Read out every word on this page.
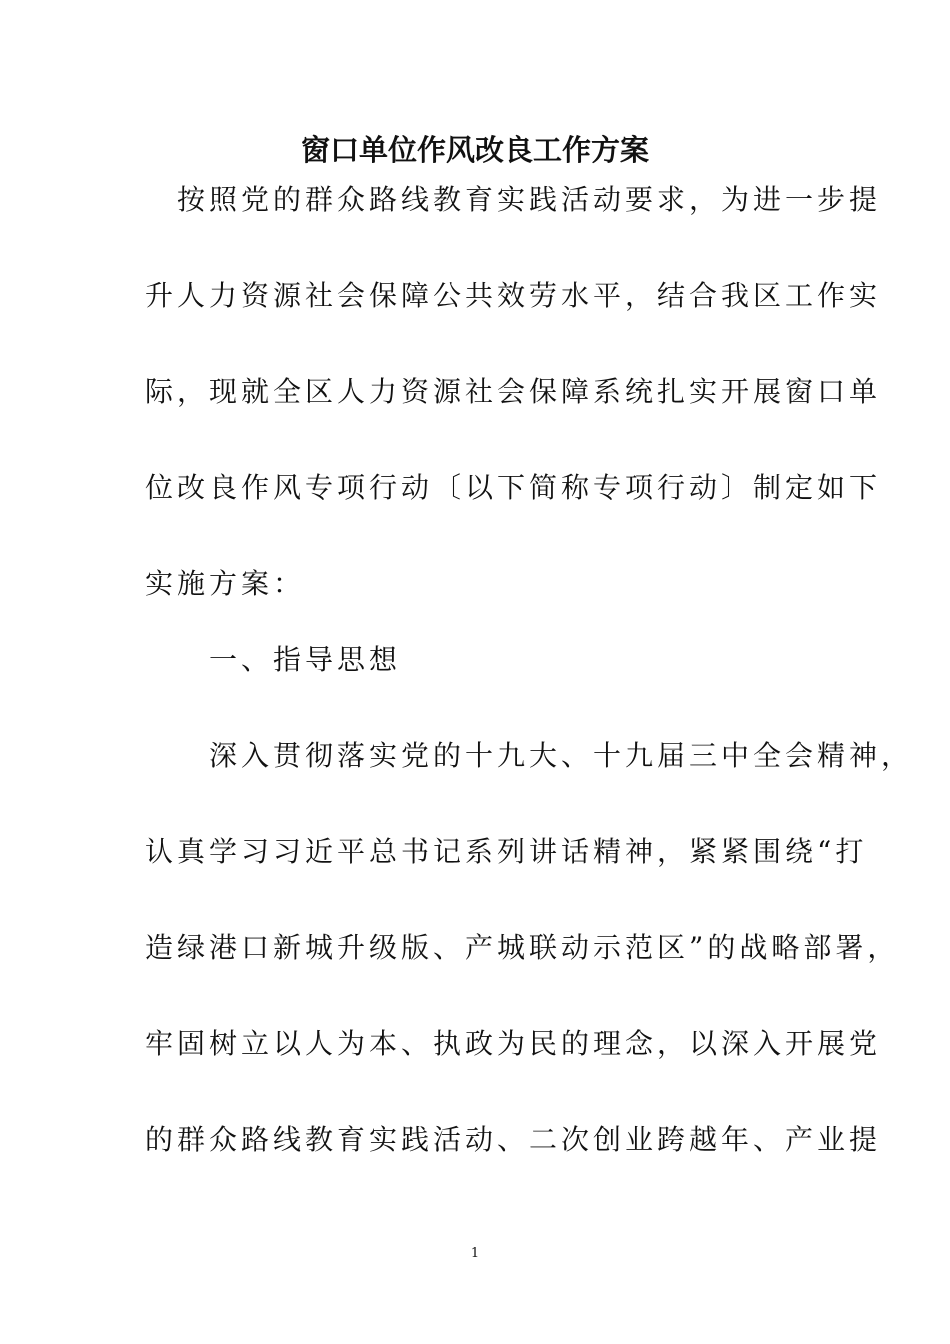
窗口单位作风改良工作方案
　按照党的群众路线教育实践活动要求，为进一步提
升人力资源社会保障公共效劳水平，结合我区工作实
际，现就全区人力资源社会保障系统扎实开展窗口单
位改良作风专项行动〔以下简称专项行动〕制定如下
实施方案：
　　一、指导思想
　　深入贯彻落实党的十九大、十九届三中全会精神，
认真学习习近平总书记系列讲话精神，紧紧围绕“打
造绿港口新城升级版、产城联动示范区”的战略部署，
牢固树立以人为本、执政为民的理念，以深入开展党
的群众路线教育实践活动、二次创业跨越年、产业提
1
